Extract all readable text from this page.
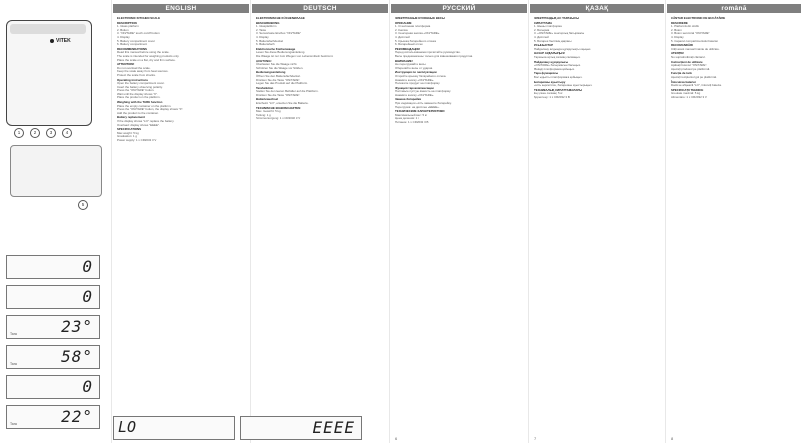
VITEK
1	2	3	4
5
0
0
Tara	23°
Tara	58°
0
Tara	22°
ENGLISH
ELECTRONIC KITCHEN SCALE
DESCRIPTION
1. Glass platform
2. Button
3. "ON/TARE" touch on/off button
4. Display
5. Battery compartment cover
6. Battery compartment
RECOMMENDATIONS
Read this manual before using the scale.
The scale is intended for weighing products only.
Place the scale on a flat, dry and firm surface.
ATTENTION!
Do not overload the scale.
Keep the scale away from heat sources.
Protect the scale from shocks.
Operating instructions
Open the battery compartment cover.
Insert the battery observing polarity.
Press the "ON/TARE" button.
Wait until the display shows "0".
Place the product on the platform.
Weighing with the TARE function
Place the empty container on the platform.
Press the "ON/TARE" button, the display shows "0".
Add the product to the container.
Battery replacement
If the display shows "LO" replace the battery.
Overload: display shows "EEEE".
SPECIFICATIONS
Max weight: 5 kg
Graduation: 1 g
Power supply: 1 x CR2032 3 V
DEUTSCH
ELEKTRONISCHE KÜCHENWAAGE
BESCHREIBUNG
1. Glasplattform
2. Taste
3. Sensortaste Ein/Aus "ON/TARE"
4. Display
5. Batteriefachdeckel
6. Batteriefach
Elektronische Küchenwaage
Lesen Sie diese Bedienungsanleitung.
Die Waage ist nur zum Wiegen von Lebensmitteln bestimmt.
ACHTUNG!
Überlasten Sie die Waage nicht.
Schützen Sie die Waage vor Stößen.
Bedienungsanleitung
Öffnen Sie den Batteriefachdeckel.
Drücken Sie die Taste "ON/TARE".
Legen Sie das Produkt auf die Plattform.
Tarafunktion
Stellen Sie den leeren Behälter auf die Plattform.
Drücken Sie die Taste "ON/TARE".
Batteriewechsel
Erscheint "LO", ersetzen Sie die Batterie.
TECHNISCHE EIGENSCHAFTEN
Max. Gewicht: 5 kg
Teilung: 1 g
Stromversorgung: 1 x CR2032 3 V
РУССКИЙ
ЭЛЕКТРОННЫЕ КУХОННЫЕ ВЕСЫ
ОПИСАНИЕ
1. Стеклянная платформа
2. Кнопка
3. Сенсорная кнопка «ON/TARE»
4. Дисплей
5. Крышка батарейного отсека
6. Батарейный отсек
РЕКОМЕНДАЦИИ
Перед использованием прочитайте руководство.
Весы предназначены только для взвешивания продуктов.
ВНИМАНИЕ!
Не перегружайте весы.
Оберегайте весы от ударов.
Инструкция по эксплуатации
Откройте крышку батарейного отсека.
Нажмите кнопку «ON/TARE».
Положите продукт на платформу.
Функция тарокомпенсации
Поставьте пустую ёмкость на платформу.
Нажмите кнопку «ON/TARE».
Замена батарейки
При индикации «LO» замените батарейку.
Перегрузка: на дисплее «EEEE».
ТЕХНИЧЕСКИЕ ХАРАКТЕРИСТИКИ
Максимальный вес: 5 кг
Цена деления: 1 г
Питание: 1 x CR2032 3 В
6
ҚАЗАҚ
ЭЛЕКТРОНДЫҚ АС ТАРАЗЫСЫ
СИПАТТАМА
1. Шыны платформа
2. Батырма
3. «ON/TARE» сенсорлық батырмасы
4. Дисплей
5. Батарея бөлігінің қақпағы
ҰСЫНЫСТАР
Пайдалану алдында нұсқаулықты оқыңыз.
НАЗАР АУДАРЫҢЫЗ!
Таразыға артық салмақ салмаңыз.
Пайдалану нұсқаулығы
«ON/TARE» батырмасын басыңыз.
Өнімді платформаға қойыңыз.
Тара функциясы
Бос ыдысты платформаға қойыңыз.
Батареяны ауыстыру
«LO» көрсетілсе, батареяны ауыстырыңыз.
ТЕХНИКАЛЫҚ СИПАТТАМАЛАРЫ
Ең үлкен салмақ: 5 кг
Қоректену: 1 x CR2032 3 В
7
română
CÂNTAR ELECTRONIC DE BUCĂTĂRIE
DESCRIERE
1. Platformă din sticlă
2. Buton
3. Buton senzorial "ON/TARE"
4. Display
5. Capacul compartimentului bateriei
RECOMANDĂRI
Citiți acest manual înainte de utilizare.
ATENȚIE!
Nu supraîncărcați cântarul.
Instrucțiuni de utilizare
Apăsați butonul "ON/TARE".
Așezați produsul pe platformă.
Funcția de tară
Așezați recipientul gol pe platformă.
Înlocuirea bateriei
Dacă se afișează "LO", înlocuiți bateria.
SPECIFICAȚII TEHNICE
Greutate maximă: 5 kg
Alimentare: 1 x CR2032 3 V
8
LO	EEEE
